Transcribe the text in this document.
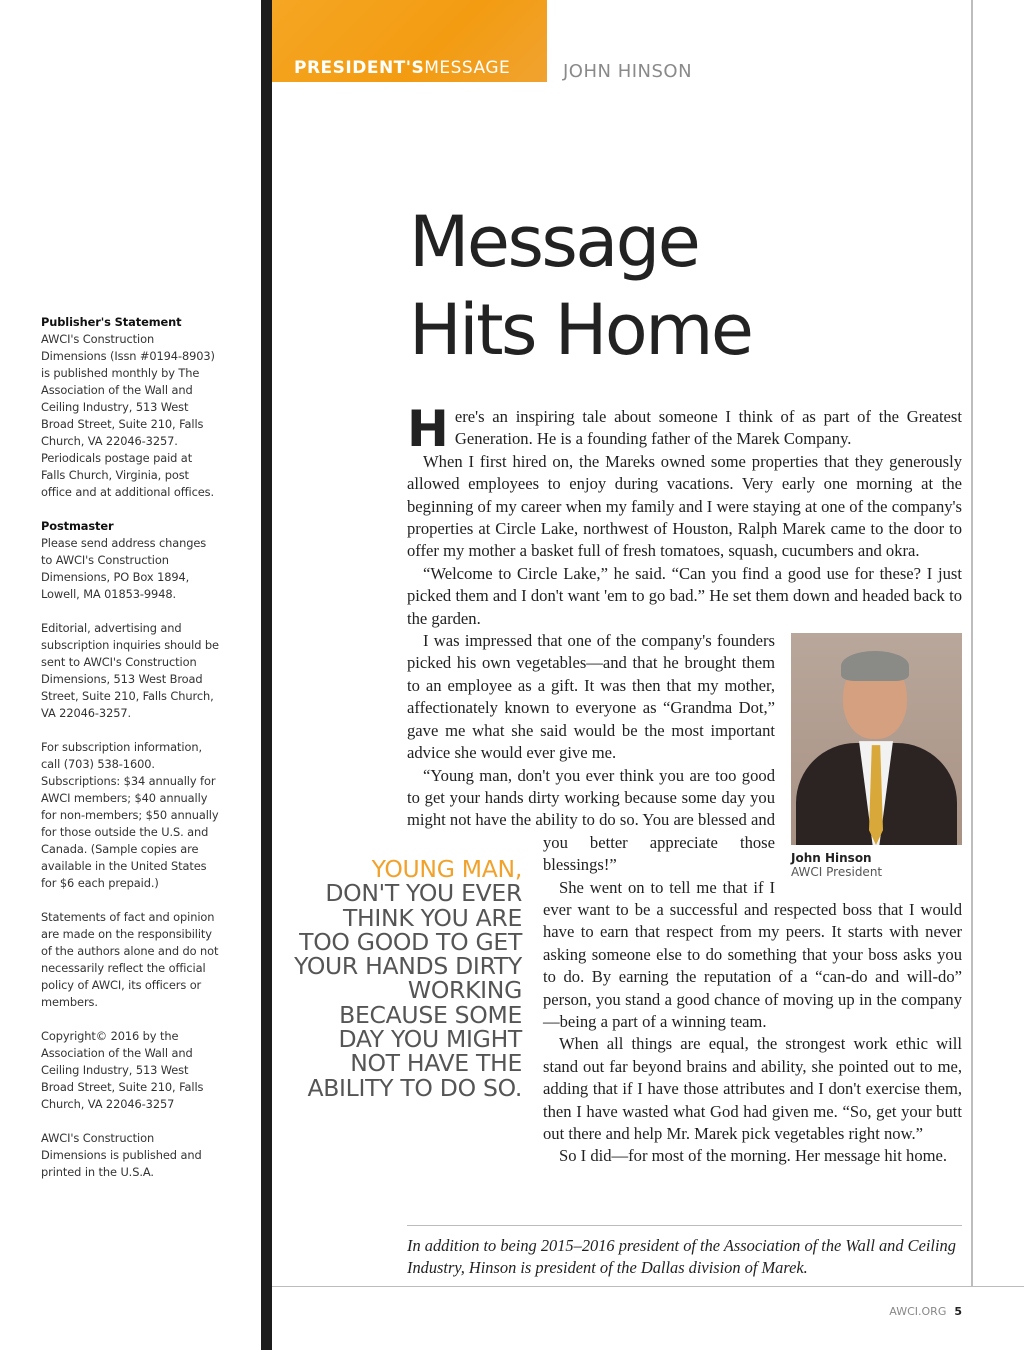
Publisher's Statement
AWCI's Construction Dimensions (Issn #0194-8903) is published monthly by The Association of the Wall and Ceiling Industry, 513 West Broad Street, Suite 210, Falls Church, VA 22046-3257. Periodicals postage paid at Falls Church, Virginia, post office and at additional offices.

Postmaster
Please send address changes to AWCI's Construction Dimensions, PO Box 1894, Lowell, MA 01853-9948.

Editorial, advertising and subscription inquiries should be sent to AWCI's Construction Dimensions, 513 West Broad Street, Suite 210, Falls Church, VA 22046-3257.

For subscription information, call (703) 538-1600. Subscriptions: $34 annually for AWCI members; $40 annually for non-members; $50 annually for those outside the U.S. and Canada. (Sample copies are available in the United States for $6 each prepaid.)

Statements of fact and opinion are made on the responsibility of the authors alone and do not necessarily reflect the official policy of AWCI, its officers or members.

Copyright© 2016 by the Association of the Wall and Ceiling Industry, 513 West Broad Street, Suite 210, Falls Church, VA 22046-3257

AWCI's Construction Dimensions is published and printed in the U.S.A.

PRESIDENT'SMESSAGE	JOHN HINSON
Message
Hits Home

Here's an inspiring tale about someone I think of as part of the Greatest Generation. He is a founding father of the Marek Company.

When I first hired on, the Mareks owned some properties that they generously allowed employees to enjoy during vacations. Very early one morning at the beginning of my career when my family and I were staying at one of the company's properties at Circle Lake, northwest of Houston, Ralph Marek came to the door to offer my mother a basket full of fresh tomatoes, squash, cucumbers and okra.

“Welcome to Circle Lake,” he said. “Can you find a good use for these? I just picked them and I don't want 'em to go bad.” He set them down and headed back to the garden.

I was impressed that one of the company's founders picked his own vegetables—and that he brought them to an employee as a gift. It was then that my mother, affectionately known to everyone as “Grandma Dot,” gave me what she said would be the most important advice she would ever give me.

John Hinson
AWCI President

“Young man, don't you ever think you are too good to get your hands dirty working because some day you might not have the ability to do so. You are blessed and you better appreciate those blessings!”

She went on to tell me that if I ever want to be a successful and respected boss that I would have to earn that respect from my peers. It starts with never asking someone else to do something that your boss asks you to do. By earning the reputation of a “can-do and will-do” person, you stand a good chance of moving up in the company—being a part of a winning team.

When all things are equal, the strongest work ethic will stand out far beyond brains and ability, she pointed out to me, adding that if I have those attributes and I don't exercise them, then I have wasted what God had given me. “So, get your butt out there and help Mr. Marek pick vegetables right now.”

So I did—for most of the morning. Her message hit home.

YOUNG MAN, DON'T YOU EVER THINK YOU ARE TOO GOOD TO GET YOUR HANDS DIRTY WORKING BECAUSE SOME DAY YOU MIGHT NOT HAVE THE ABILITY TO DO SO.
In addition to being 2015–2016 president of the Association of the Wall and Ceiling Industry, Hinson is president of the Dallas division of Marek.
AWCI.ORG 5
